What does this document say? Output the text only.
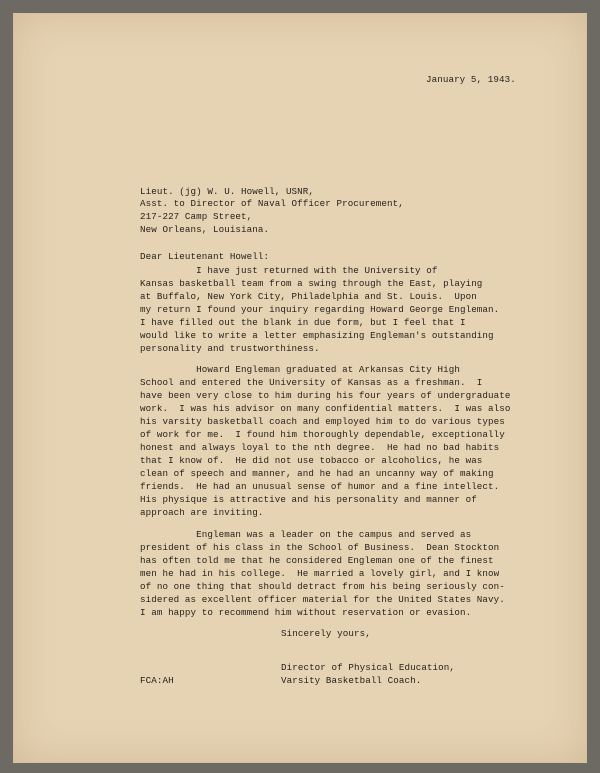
January 5, 1943.
Lieut. (jg) W. U. Howell, USNR,
Asst. to Director of Naval Officer Procurement,
217-227 Camp Street,
New Orleans, Louisiana.
Dear Lieutenant Howell:
I have just returned with the University of
Kansas basketball team from a swing through the East, playing
at Buffalo, New York City, Philadelphia and St. Louis.  Upon
my return I found your inquiry regarding Howard George Engleman.
I have filled out the blank in due form, but I feel that I
would like to write a letter emphasizing Engleman's outstanding
personality and trustworthiness.
Howard Engleman graduated at Arkansas City High
School and entered the University of Kansas as a freshman.  I
have been very close to him during his four years of undergraduate
work.  I was his advisor on many confidential matters.  I was also
his varsity basketball coach and employed him to do various types
of work for me.  I found him thoroughly dependable, exceptionally
honest and always loyal to the nth degree.  He had no bad habits
that I know of.  He did not use tobacco or alcoholics, he was
clean of speech and manner, and he had an uncanny way of making
friends.  He had an unusual sense of humor and a fine intellect.
His physique is attractive and his personality and manner of
approach are inviting.
Engleman was a leader on the campus and served as
president of his class in the School of Business.  Dean Stockton
has often told me that he considered Engleman one of the finest
men he had in his college.  He married a lovely girl, and I know
of no one thing that should detract from his being seriously con-
sidered as excellent officer material for the United States Navy.
I am happy to recommend him without reservation or evasion.
Sincerely yours,
Director of Physical Education,
Varsity Basketball Coach.
FCA:AH
